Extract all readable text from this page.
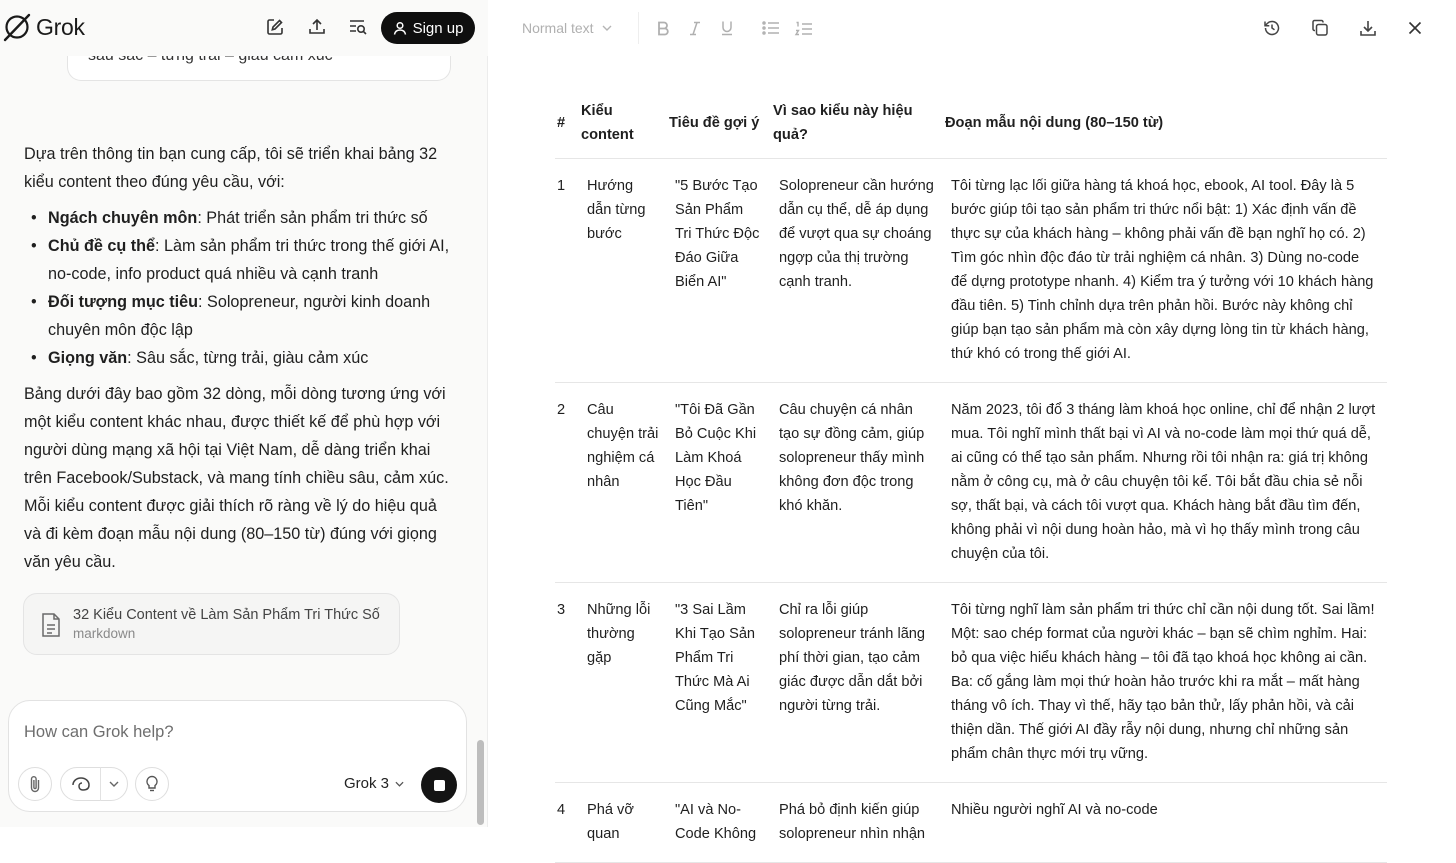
Grok	Sign up

Dựa trên thông tin bạn cung cấp, tôi sẽ triển khai bảng 32 kiểu content theo đúng yêu cầu, với:

• Ngách chuyên môn: Phát triển sản phẩm tri thức số
• Chủ đề cụ thể: Làm sản phẩm tri thức trong thế giới AI, no-code, info product quá nhiều và cạnh tranh
• Đối tượng mục tiêu: Solopreneur, người kinh doanh chuyên môn độc lập
• Giọng văn: Sâu sắc, từng trải, giàu cảm xúc

Bảng dưới đây bao gồm 32 dòng, mỗi dòng tương ứng với một kiểu content khác nhau, được thiết kế để phù hợp với người dùng mạng xã hội tại Việt Nam, dễ dàng triển khai trên Facebook/Substack, và mang tính chiều sâu, cảm xúc. Mỗi kiểu content được giải thích rõ ràng về lý do hiệu quả và đi kèm đoạn mẫu nội dung (80–150 từ) đúng với giọng văn yêu cầu.

32 Kiểu Content về Làm Sản Phẩm Tri Thức Số
markdown
How can Grok help?
Grok 3
Normal text
#	Kiểu content	Tiêu đề gợi ý	Vì sao kiểu này hiệu quả?	Đoạn mẫu nội dung (80–150 từ)
1	Hướng dẫn từng bước	"5 Bước Tạo Sản Phẩm Tri Thức Độc Đáo Giữa Biển AI"	Solopreneur cần hướng dẫn cụ thể, dễ áp dụng để vượt qua sự choáng ngợp của thị trường cạnh tranh.	Tôi từng lạc lối giữa hàng tá khoá học, ebook, AI tool. Đây là 5 bước giúp tôi tạo sản phẩm tri thức nổi bật: 1) Xác định vấn đề thực sự của khách hàng – không phải vấn đề bạn nghĩ họ có. 2) Tìm góc nhìn độc đáo từ trải nghiệm cá nhân. 3) Dùng no-code để dựng prototype nhanh. 4) Kiểm tra ý tưởng với 10 khách hàng đầu tiên. 5) Tinh chỉnh dựa trên phản hồi. Bước này không chỉ giúp bạn tạo sản phẩm mà còn xây dựng lòng tin từ khách hàng, thứ khó có trong thế giới AI.
2	Câu chuyện trải nghiệm cá nhân	"Tôi Đã Gần Bỏ Cuộc Khi Làm Khoá Học Đầu Tiên"	Câu chuyện cá nhân tạo sự đồng cảm, giúp solopreneur thấy mình không đơn độc trong khó khăn.	Năm 2023, tôi đổ 3 tháng làm khoá học online, chỉ để nhận 2 lượt mua. Tôi nghĩ mình thất bại vì AI và no-code làm mọi thứ quá dễ, ai cũng có thể tạo sản phẩm. Nhưng rồi tôi nhận ra: giá trị không nằm ở công cụ, mà ở câu chuyện tôi kể. Tôi bắt đầu chia sẻ nỗi sợ, thất bại, và cách tôi vượt qua. Khách hàng bắt đầu tìm đến, không phải vì nội dung hoàn hảo, mà vì họ thấy mình trong câu chuyện của tôi.
3	Những lỗi thường gặp	"3 Sai Lầm Khi Tạo Sản Phẩm Tri Thức Mà Ai Cũng Mắc"	Chỉ ra lỗi giúp solopreneur tránh lãng phí thời gian, tạo cảm giác được dẫn dắt bởi người từng trải.	Tôi từng nghĩ làm sản phẩm tri thức chỉ cần nội dung tốt. Sai lầm! Một: sao chép format của người khác – bạn sẽ chìm nghỉm. Hai: bỏ qua việc hiểu khách hàng – tôi đã tạo khoá học không ai cần. Ba: cố gắng làm mọi thứ hoàn hảo trước khi ra mắt – mất hàng tháng vô ích. Thay vì thế, hãy tạo bản thử, lấy phản hồi, và cải thiện dần. Thế giới AI đầy rẫy nội dung, nhưng chỉ những sản phẩm chân thực mới trụ vững.
4	Phá vỡ quan	"AI và No-Code Không	Phá bỏ định kiến giúp solopreneur nhìn nhận	Nhiều người nghĩ AI và no-code
